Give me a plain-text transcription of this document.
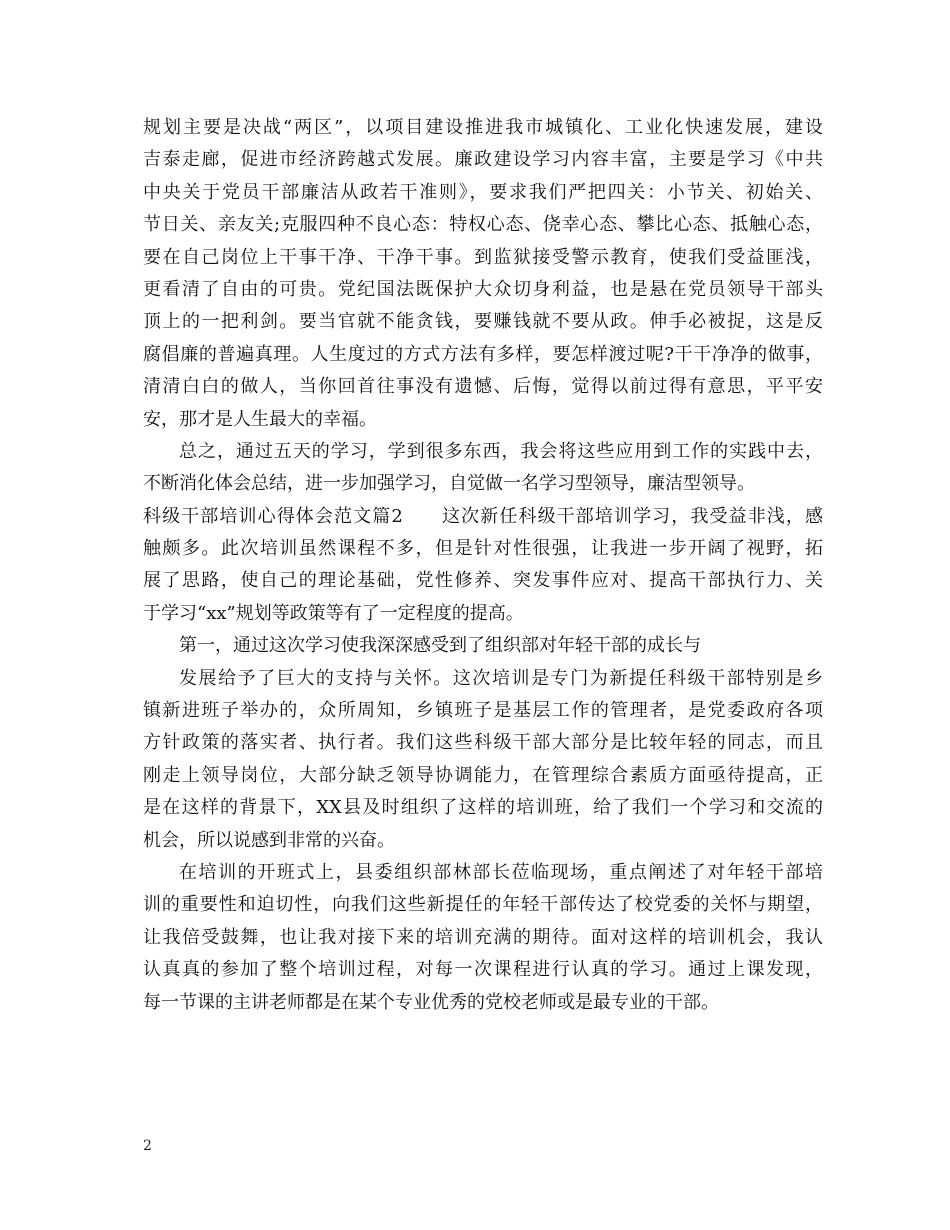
规划主要是决战“两区”，以项目建设推进我市城镇化、工业化快速发展，建设
吉泰走廊，促进市经济跨越式发展。廉政建设学习内容丰富，主要是学习《中共
中央关于党员干部廉洁从政若干准则》，要求我们严把四关：小节关、初始关、
节日关、亲友关;克服四种不良心态：特权心态、侥幸心态、攀比心态、抵触心态，
要在自己岗位上干事干净、干净干事。到监狱接受警示教育，使我们受益匪浅，
更看清了自由的可贵。党纪国法既保护大众切身利益，也是悬在党员领导干部头
顶上的一把利剑。要当官就不能贪钱，要赚钱就不要从政。伸手必被捉，这是反
腐倡廉的普遍真理。人生度过的方式方法有多样，要怎样渡过呢?干干净净的做事，
清清白白的做人，当你回首往事没有遗憾、后悔，觉得以前过得有意思，平平安
安，那才是人生最大的幸福。
总之，通过五天的学习，学到很多东西，我会将这些应用到工作的实践中去，
不断消化体会总结，进一步加强学习，自觉做一名学习型领导，廉洁型领导。
科级干部培训心得体会范文篇2　　这次新任科级干部培训学习，我受益非浅，感
触颇多。此次培训虽然课程不多，但是针对性很强，让我进一步开阔了视野，拓
展了思路，使自己的理论基础，党性修养、突发事件应对、提高干部执行力、关
于学习“xx”规划等政策等有了一定程度的提高。
第一，通过这次学习使我深深感受到了组织部对年轻干部的成长与
发展给予了巨大的支持与关怀。这次培训是专门为新提任科级干部特别是乡
镇新进班子举办的，众所周知，乡镇班子是基层工作的管理者，是党委政府各项
方针政策的落实者、执行者。我们这些科级干部大部分是比较年轻的同志，而且
刚走上领导岗位，大部分缺乏领导协调能力，在管理综合素质方面亟待提高，正
是在这样的背景下，XX县及时组织了这样的培训班，给了我们一个学习和交流的
机会，所以说感到非常的兴奋。
在培训的开班式上，县委组织部林部长莅临现场，重点阐述了对年轻干部培
训的重要性和迫切性，向我们这些新提任的年轻干部传达了校党委的关怀与期望，
让我倍受鼓舞，也让我对接下来的培训充满的期待。面对这样的培训机会，我认
认真真的参加了整个培训过程，对每一次课程进行认真的学习。通过上课发现，
每一节课的主讲老师都是在某个专业优秀的党校老师或是最专业的干部。
2
